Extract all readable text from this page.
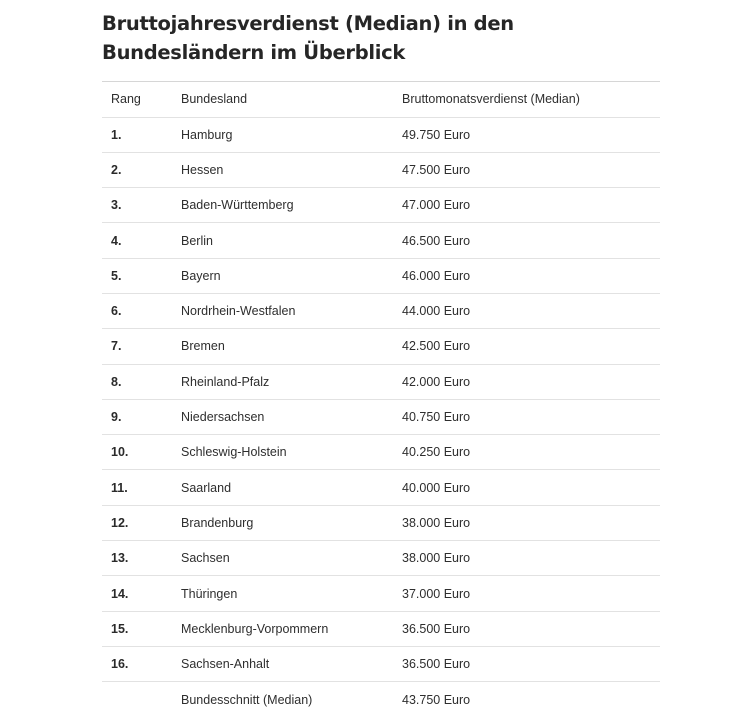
Bruttojahresverdienst (Median) in den Bundesländern im Überblick
Rang	Bundesland	Bruttomonatsverdienst (Median)
1.	Hamburg	49.750 Euro
2.	Hessen	47.500 Euro
3.	Baden-Württemberg	47.000 Euro
4.	Berlin	46.500 Euro
5.	Bayern	46.000 Euro
6.	Nordrhein-Westfalen	44.000 Euro
7.	Bremen	42.500 Euro
8.	Rheinland-Pfalz	42.000 Euro
9.	Niedersachsen	40.750 Euro
10.	Schleswig-Holstein	40.250 Euro
11.	Saarland	40.000 Euro
12.	Brandenburg	38.000 Euro
13.	Sachsen	38.000 Euro
14.	Thüringen	37.000 Euro
15.	Mecklenburg-Vorpommern	36.500 Euro
16.	Sachsen-Anhalt	36.500 Euro
	Bundesschnitt (Median)	43.750 Euro
